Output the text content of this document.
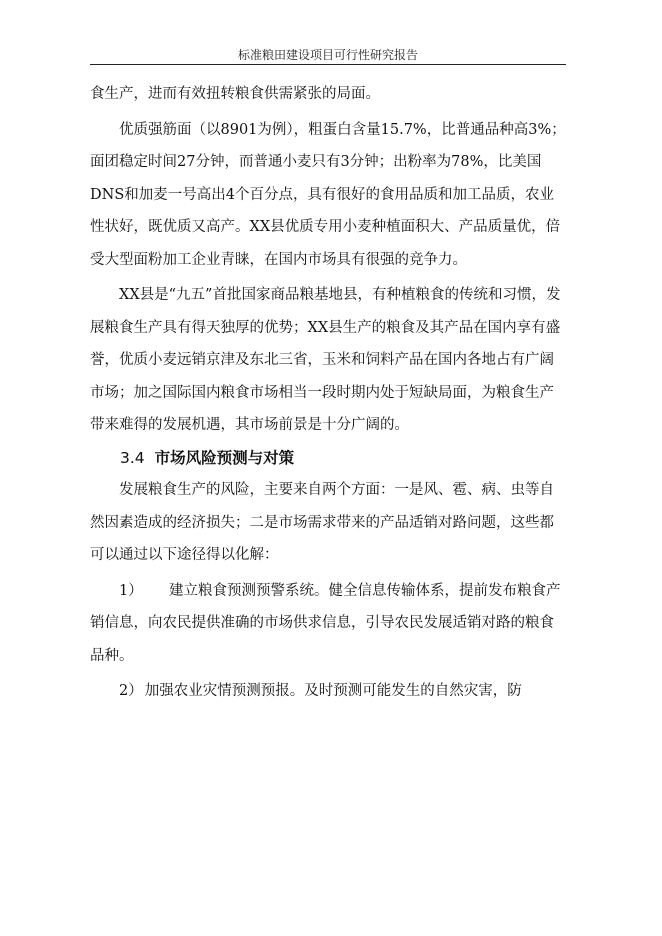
标准粮田建设项目可行性研究报告

食生产，进而有效扭转粮食供需紧张的局面。

优质强筋面（以8901为例），粗蛋白含量15.7%，比普通品种高3%；面团稳定时间27分钟，而普通小麦只有3分钟；出粉率为78%，比美国DNS和加麦一号高出4个百分点，具有很好的食用品质和加工品质，农业性状好，既优质又高产。XX县优质专用小麦种植面积大、产品质量优，倍受大型面粉加工企业青睐，在国内市场具有很强的竞争力。

XX县是“九五”首批国家商品粮基地县，有种植粮食的传统和习惯，发展粮食生产具有得天独厚的优势；XX县生产的粮食及其产品在国内享有盛誉，优质小麦远销京津及东北三省，玉米和饲料产品在国内各地占有广阔市场；加之国际国内粮食市场相当一段时期内处于短缺局面，为粮食生产带来难得的发展机遇，其市场前景是十分广阔的。

3.4 市场风险预测与对策

发展粮食生产的风险，主要来自两个方面：一是风、雹、病、虫等自然因素造成的经济损失；二是市场需求带来的产品适销对路问题，这些都可以通过以下途径得以化解：

1） 建立粮食预测预警系统。健全信息传输体系，提前发布粮食产销信息，向农民提供准确的市场供求信息，引导农民发展适销对路的粮食品种。

2） 加强农业灾情预测预报。及时预测可能发生的自然灾害，防
